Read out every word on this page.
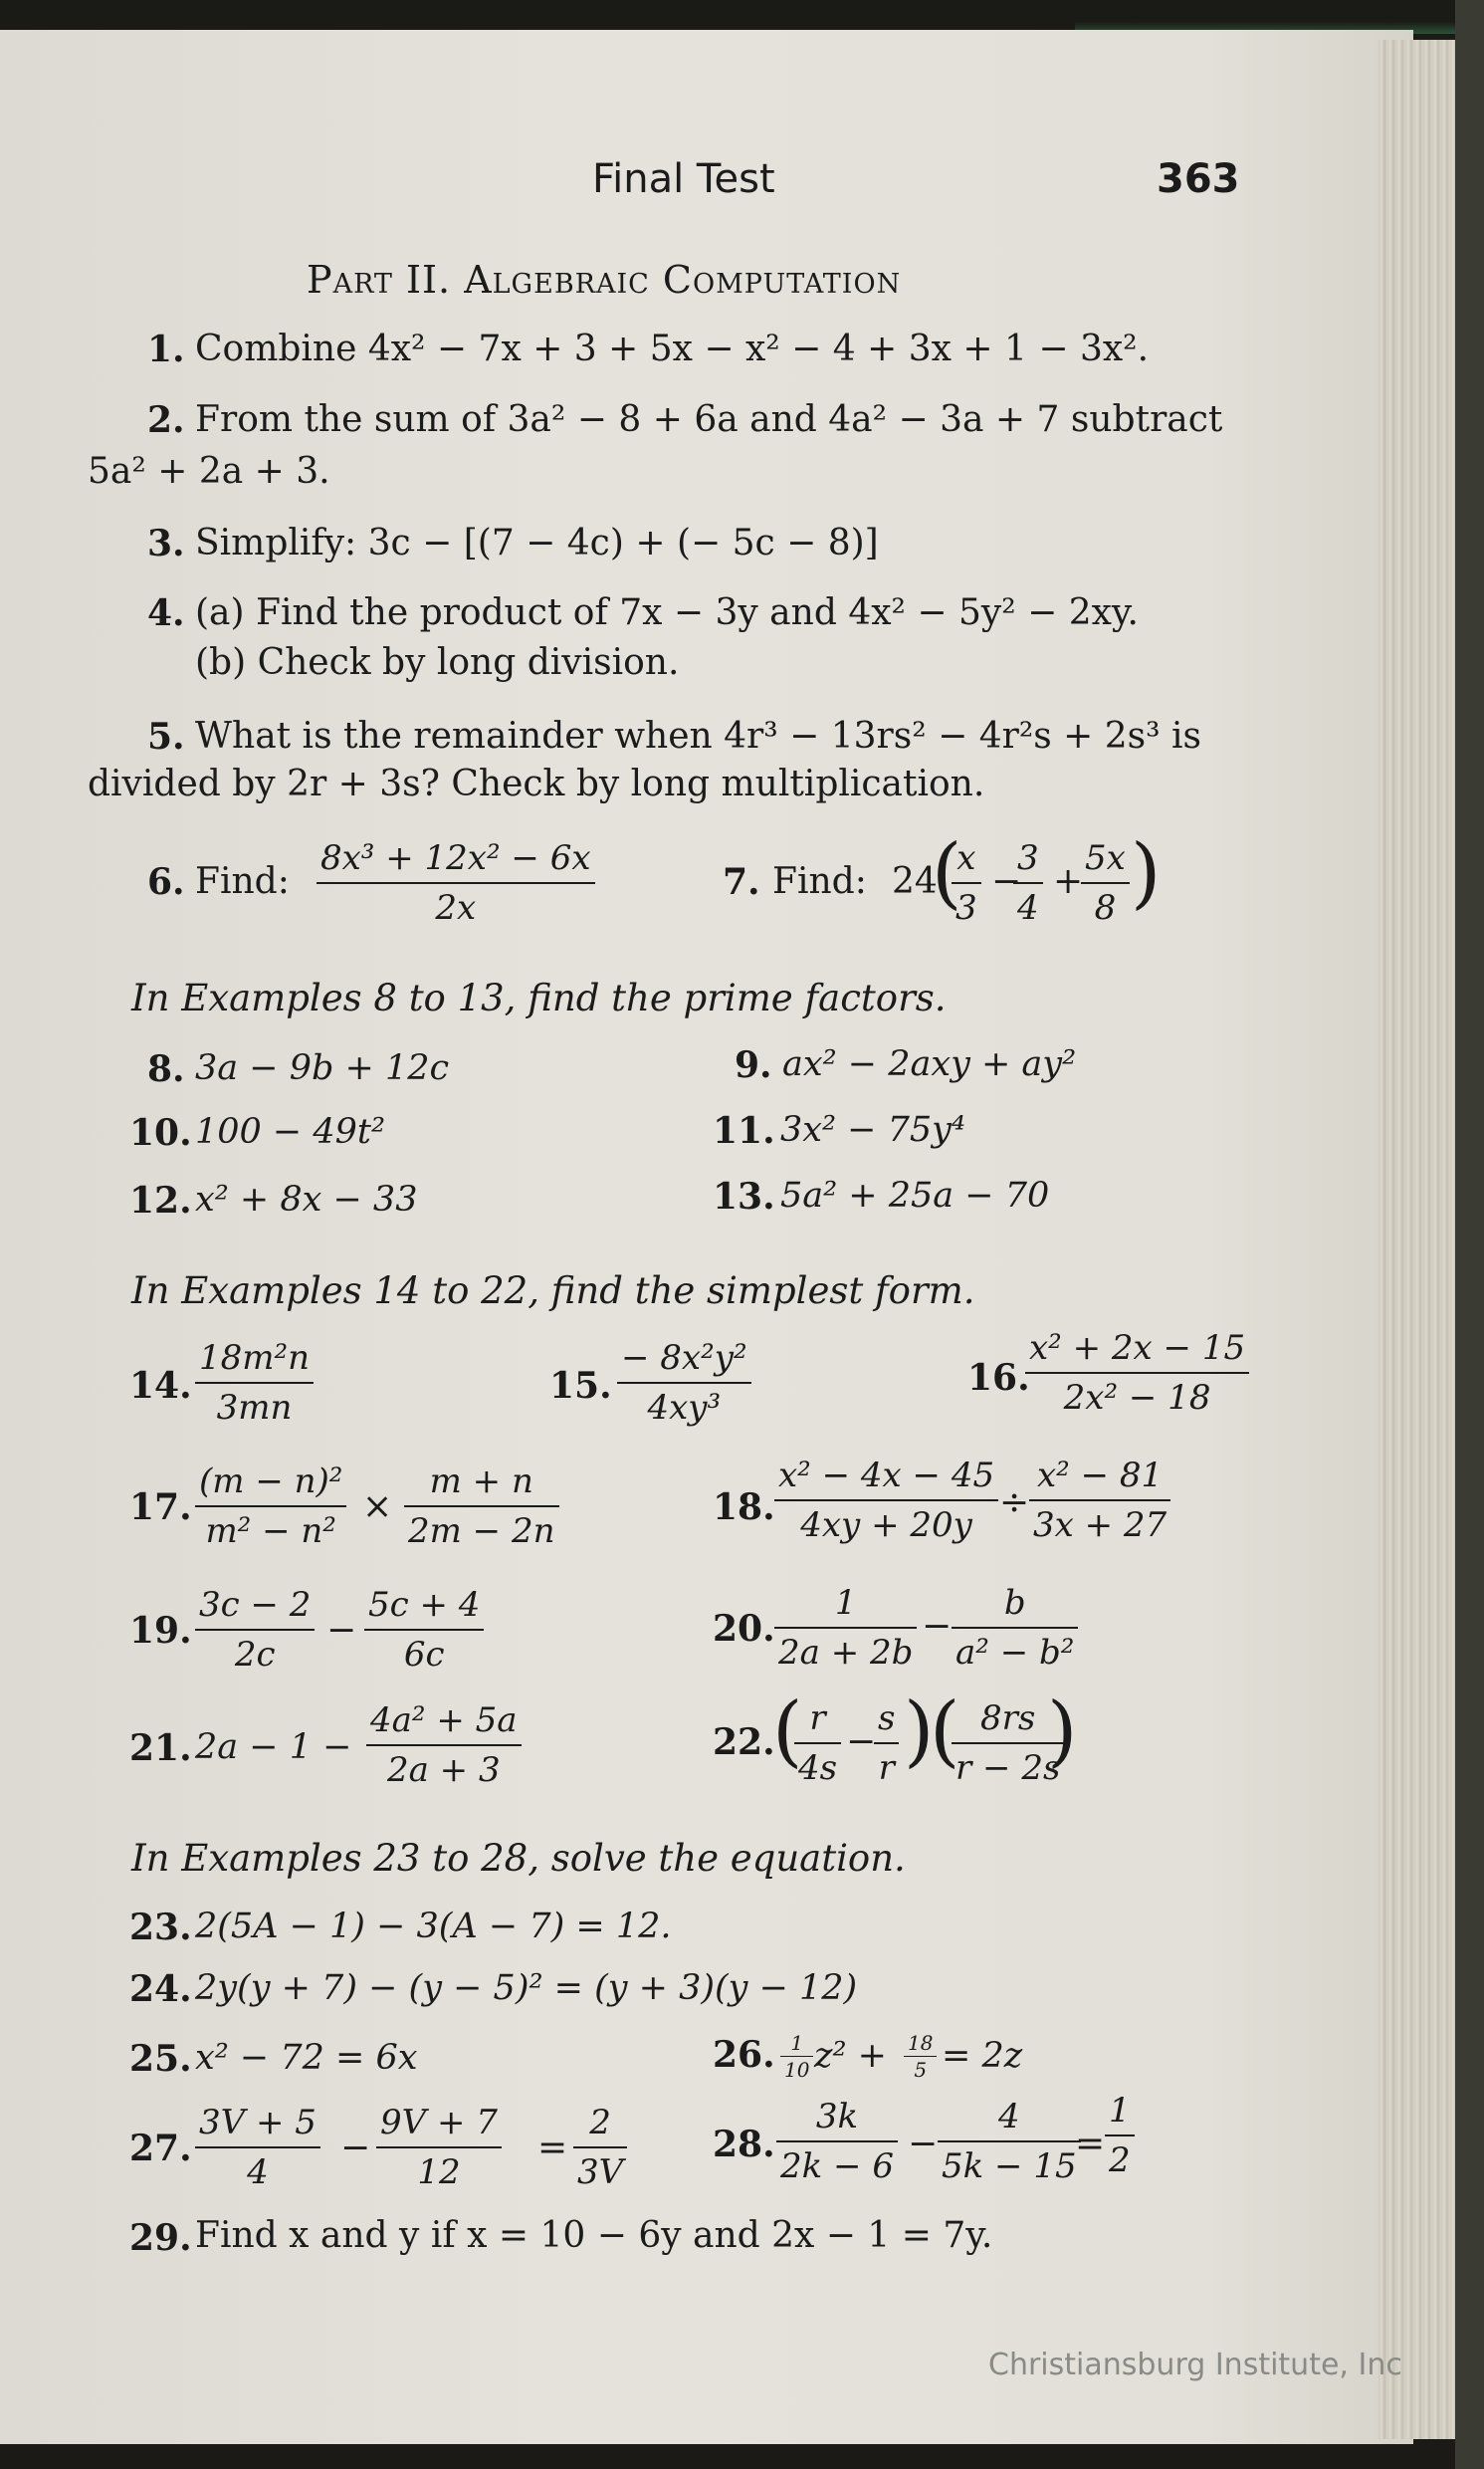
Final Test	363
Part II. Algebraic Computation
1. Combine 4x² − 7x + 3 + 5x − x² − 4 + 3x + 1 − 3x².
2. From the sum of 3a² − 8 + 6a and 4a² − 3a + 7 subtract
5a² + 2a + 3.
3. Simplify: 3c − [(7 − 4c) + (− 5c − 8)]
4. (a) Find the product of 7x − 3y and 4x² − 5y² − 2xy.
(b) Check by long division.
5. What is the remainder when 4r³ − 13rs² − 4r²s + 2s³ is
divided by 2r + 3s? Check by long multiplication.
6. Find: $\frac{\text{8x³ + 12x² − 6x}}{2x}$	7. Find: 24
(
$\frac{x}{3}$ −
$\frac{3}{4}$ +
$\frac{5x}{8}$ )
In Examples 8 to 13, find the prime factors.
8. 3a − 9b + 12c	9. ax² − 2axy + ay²
10. 100 − 49t²	11. 3x² − 75y⁴
12. x² + 8x − 33	13. 5a² + 25a − 70
In Examples 14 to 22, find the simplest form.
14. $\frac{\text{18m²n}}{3mn}$	15. $\frac{\text{− 8x²y²}}{\text{4xy³}}$	16.
$\frac{\text{x² + 2x − 15}}{\text{2x² − 18}}$
17. $\frac{\text{(m − n)²}}{\text{m² − n²}} \times \frac{m + n}{2m - 2n}$	18. $\frac{\text{x² − 4x − 45}}{4xy + 20y} \div \frac{\text{x² − 81}}{3x + 27}$
19. $\frac{3c - 2}{2c} - \frac{5c + 4}{6c}$	20. $\frac{1}{2a + 2b} - \frac{b}{\text{a² − b²}}$
21. $2a - 1 - \frac{\text{4a² + 5a}}{2a + 3}$	22.
(
$\frac{r}{4s}$ −
$\frac{s}{r}$ )
(
$\frac{8rs}{r - 2s}$
)
In Examples 23 to 28, solve the equation.
23. 2(5A − 1) − 3(A − 7) = 12.
24. 2y(y + 7) − (y − 5)² = (y + 3)(y − 12)
25. x² − 72 = 6x	26. $\frac{1}{10} z^2 + \frac{18}{5} = 2z$
27. $\frac{3V + 5}{4} - \frac{9V + 7}{12} = \frac{2}{3V} 28$. $\frac{3k}{2k - 6} - \frac{4}{5k - 15}$
= $\frac{1}{2}$
29. Find x and y if x = 10 − 6y and 2x − 1 = 7y.
Christiansburg Institute, Inc
